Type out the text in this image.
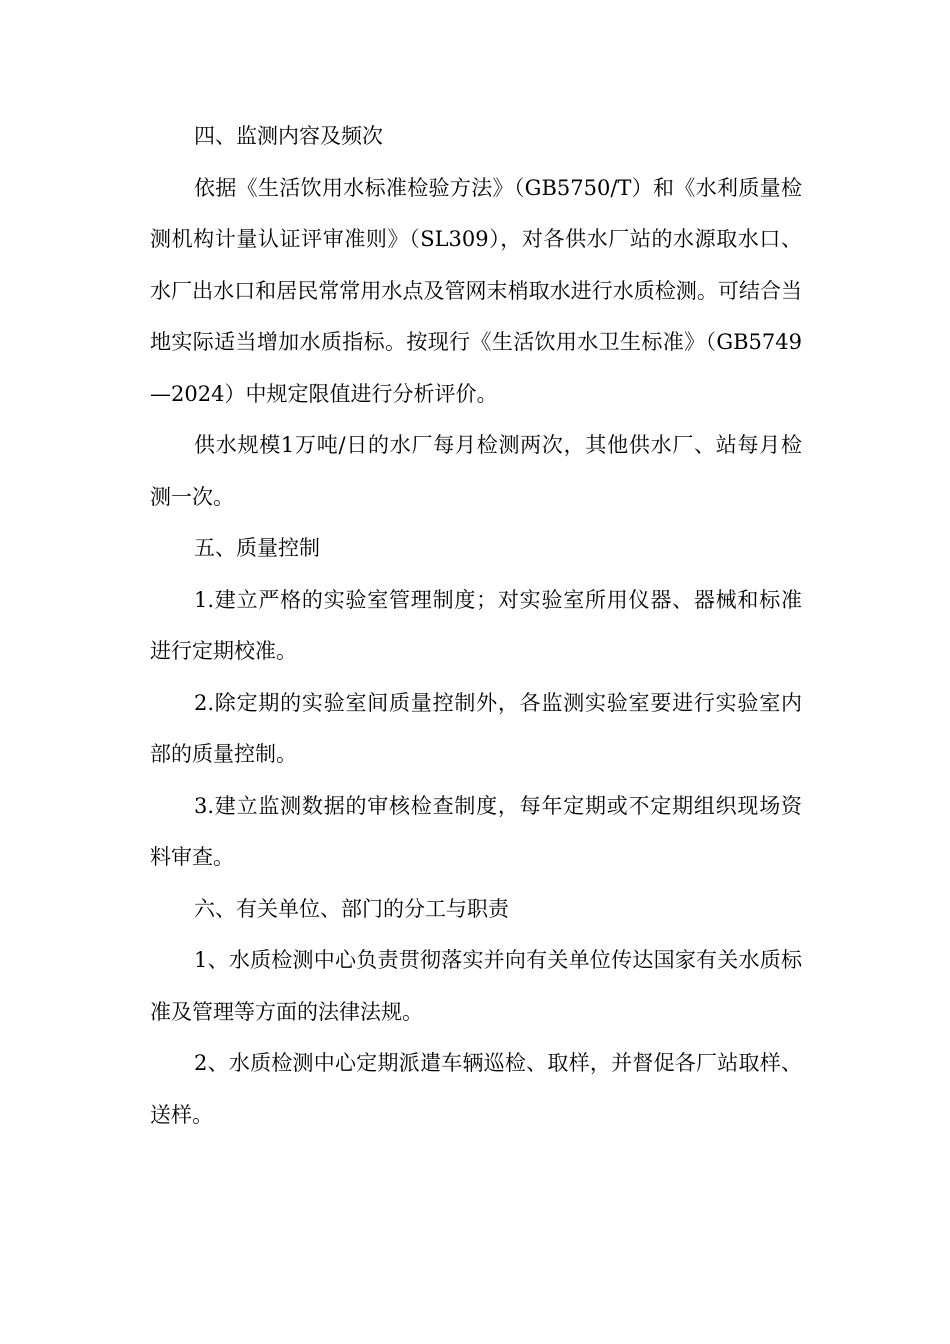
四、监测内容及频次

依据《生活饮用水标准检验方法》（GB5750/T）和《水利质量检测机构计量认证评审准则》（SL309），对各供水厂站的水源取水口、水厂出水口和居民常常用水点及管网末梢取水进行水质检测。可结合当地实际适当增加水质指标。按现行《生活饮用水卫生标准》（GB5749—2024）中规定限值进行分析评价。

供水规模1万吨/日的水厂每月检测两次，其他供水厂、站每月检测一次。

五、质量控制

1.建立严格的实验室管理制度；对实验室所用仪器、器械和标准进行定期校准。

2.除定期的实验室间质量控制外，各监测实验室要进行实验室内部的质量控制。

3.建立监测数据的审核检查制度，每年定期或不定期组织现场资料审查。

六、有关单位、部门的分工与职责

1、水质检测中心负责贯彻落实并向有关单位传达国家有关水质标准及管理等方面的法律法规。

2、水质检测中心定期派遣车辆巡检、取样，并督促各厂站取样、送样。
